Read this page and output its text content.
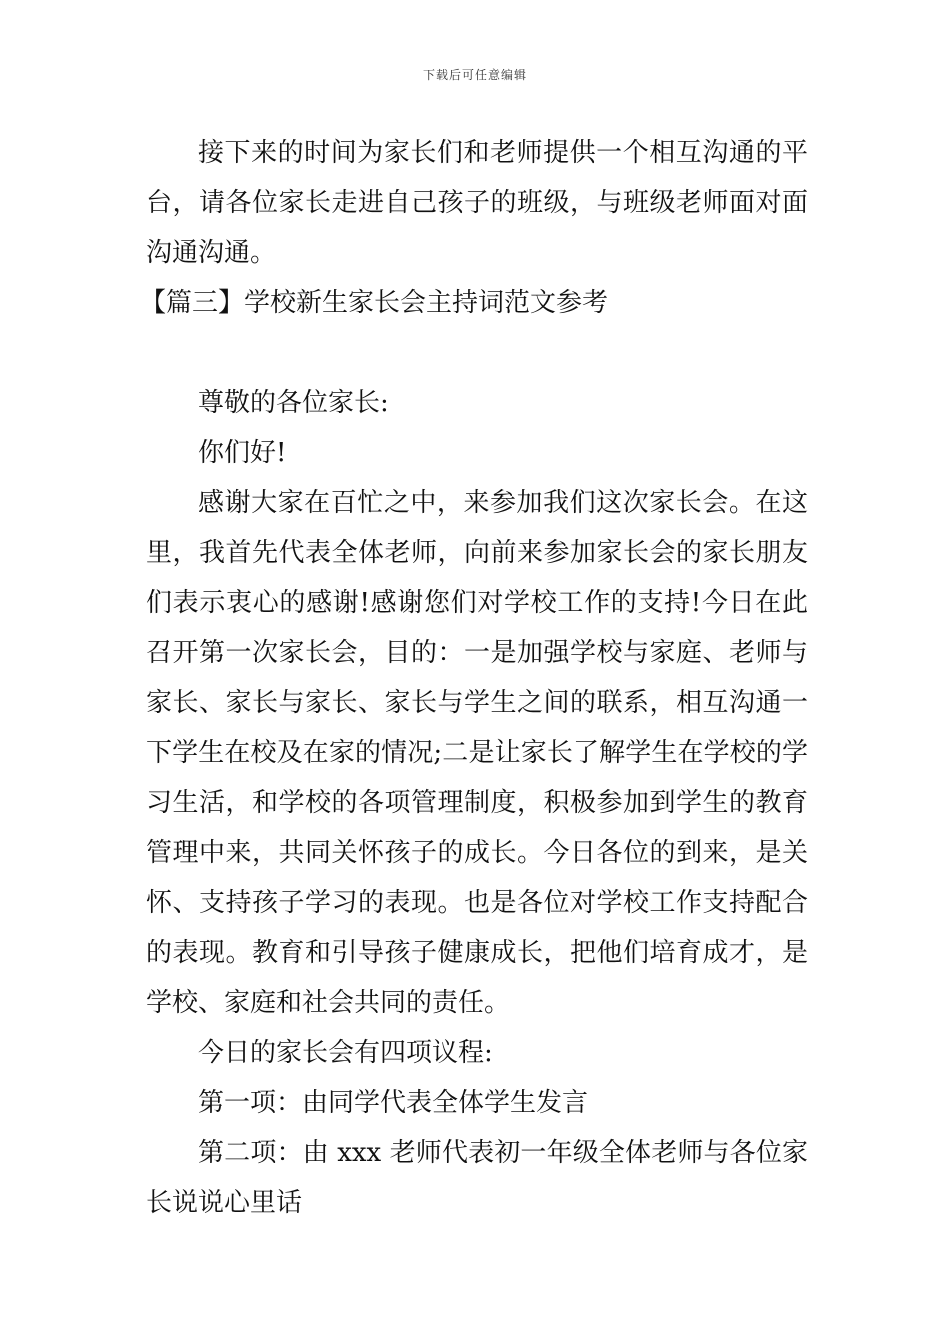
下载后可任意编辑

接下来的时间为家长们和老师提供一个相互沟通的平台，请各位家长走进自己孩子的班级，与班级老师面对面沟通沟通。

【篇三】学校新生家长会主持词范文参考

尊敬的各位家长:

你们好!

感谢大家在百忙之中，来参加我们这次家长会。在这里，我首先代表全体老师，向前来参加家长会的家长朋友们表示衷心的感谢!感谢您们对学校工作的支持!今日在此召开第一次家长会，目的：一是加强学校与家庭、老师与家长、家长与家长、家长与学生之间的联系，相互沟通一下学生在校及在家的情况;二是让家长了解学生在学校的学习生活，和学校的各项管理制度，积极参加到学生的教育管理中来，共同关怀孩子的成长。今日各位的到来，是关怀、支持孩子学习的表现。也是各位对学校工作支持配合的表现。教育和引导孩子健康成长，把他们培育成才，是学校、家庭和社会共同的责任。

今日的家长会有四项议程:

第一项：由同学代表全体学生发言

第二项：由 xxx 老师代表初一年级全体老师与各位家长说说心里话
